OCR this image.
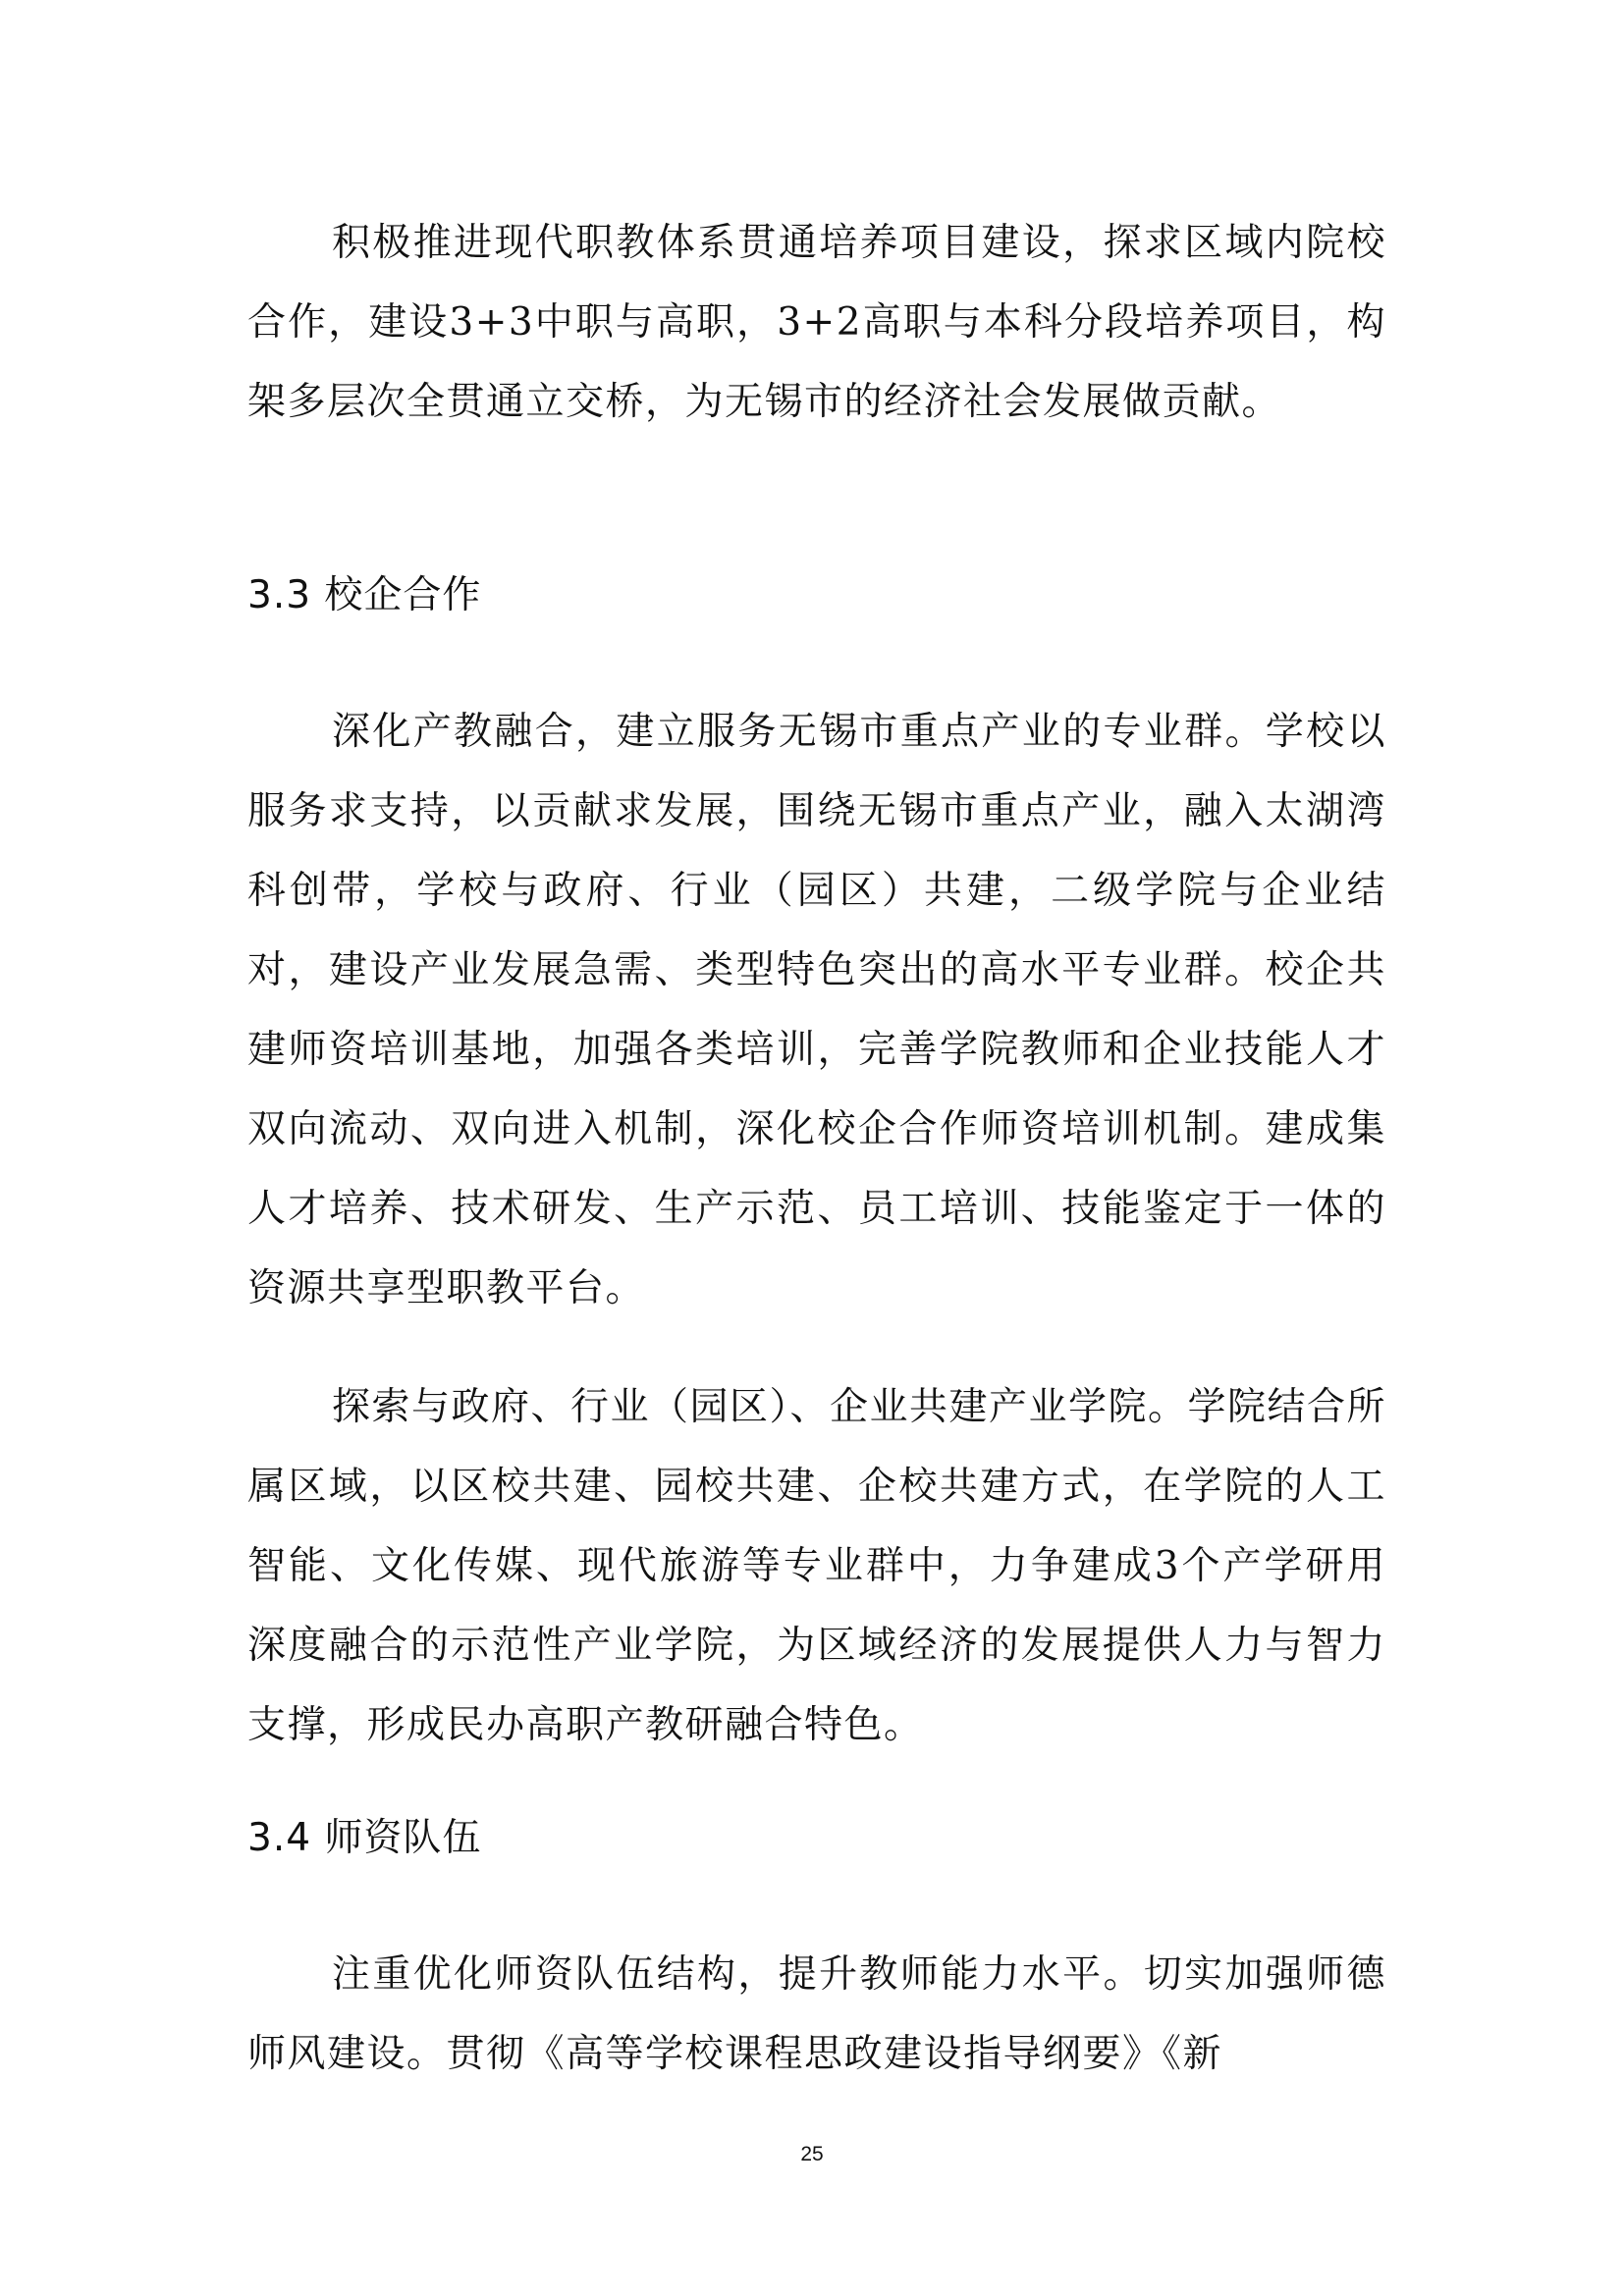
积极推进现代职教体系贯通培养项目建设，探求区域内院校合作，建设3+3中职与高职，3+2高职与本科分段培养项目，构架多层次全贯通立交桥，为无锡市的经济社会发展做贡献。

3.3 校企合作

深化产教融合，建立服务无锡市重点产业的专业群。学校以服务求支持，以贡献求发展，围绕无锡市重点产业，融入太湖湾科创带，学校与政府、行业（园区）共建，二级学院与企业结对，建设产业发展急需、类型特色突出的高水平专业群。校企共建师资培训基地，加强各类培训，完善学院教师和企业技能人才双向流动、双向进入机制，深化校企合作师资培训机制。建成集人才培养、技术研发、生产示范、员工培训、技能鉴定于一体的资源共享型职教平台。

探索与政府、行业（园区）、企业共建产业学院。学院结合所属区域，以区校共建、园校共建、企校共建方式，在学院的人工智能、文化传媒、现代旅游等专业群中，力争建成3个产学研用深度融合的示范性产业学院，为区域经济的发展提供人力与智力支撑，形成民办高职产教研融合特色。

3.4 师资队伍

注重优化师资队伍结构，提升教师能力水平。切实加强师德师风建设。贯彻《高等学校课程思政建设指导纲要》《新

25
